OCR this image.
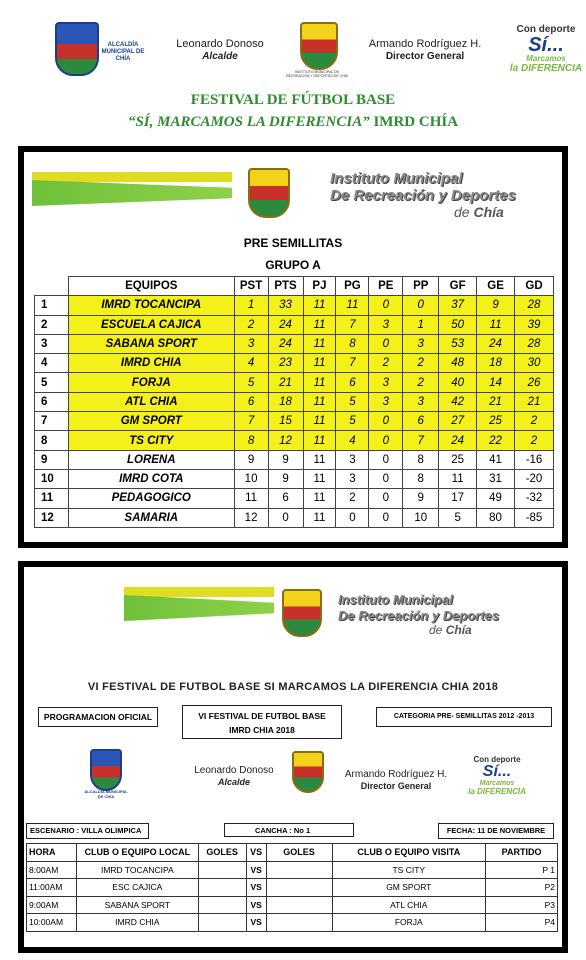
ALCALDÍA MUNICIPAL DE CHÍA
Leonardo Donoso
Alcalde
INSTITUTO MUNICIPAL DE RECREACIÓN Y DEPORTES DE CHÍA
Armando Rodríguez H.
Director General
Con deporte
Sí...
Marcamos
la DIFERENCIA
FESTIVAL DE FÚTBOL BASE
“SÍ, MARCAMOS LA DIFERENCIA” IMRD CHÍA
Instituto Municipal
De Recreación y Deportes
de Chía
PRE SEMILLITAS
GRUPO A
	EQUIPOS	PST	PTS	PJ	PG	PE	PP	GF	GE	GD
1	IMRD TOCANCIPA	1	33	11	11	0	0	37	9	28
2	ESCUELA CAJICA	2	24	11	7	3	1	50	11	39
3	SABANA SPORT	3	24	11	8	0	3	53	24	28
4	IMRD CHIA	4	23	11	7	2	2	48	18	30
5	FORJA	5	21	11	6	3	2	40	14	26
6	ATL CHIA	6	18	11	5	3	3	42	21	21
7	GM SPORT	7	15	11	5	0	6	27	25	2
8	TS CITY	8	12	11	4	0	7	24	22	2
9	LORENA	9	9	11	3	0	8	25	41	-16
10	IMRD COTA	10	9	11	3	0	8	11	31	-20
11	PEDAGOGICO	11	6	11	2	0	9	17	49	-32
12	SAMARIA	12	0	11	0	0	10	5	80	-85
Instituto Municipal
De Recreación y Deportes
de Chía
VI FESTIVAL DE FUTBOL BASE SI MARCAMOS LA DIFERENCIA CHIA 2018
PROGRAMACION OFICIAL	VI FESTIVAL DE FUTBOL BASE
IMRD CHIA 2018
CATEGORIA PRE- SEMILLITAS 2012 -2013
ALCALDÍA MUNICIPAL DE CHÍA
Leonardo Donoso
Alcalde
Armando Rodríguez H.
Director General
Con deporte
Sí...
Marcamos
la DIFERENCIA
ESCENARIO : VILLA OLIMPICA	CANCHA : No 1	FECHA: 11 DE NOVIEMBRE
HORA	CLUB O EQUIPO LOCAL	GOLES	VS	GOLES	CLUB O EQUIPO VISITA	PARTIDO
8:00AM	IMRD TOCANCIPA		VS		TS CITY	P 1
11:00AM	ESC CAJICA		VS		GM SPORT	P2
9:00AM	SABANA SPORT		VS		ATL CHIA	P3
10:00AM	IMRD CHIA		VS		FORJA	P4
